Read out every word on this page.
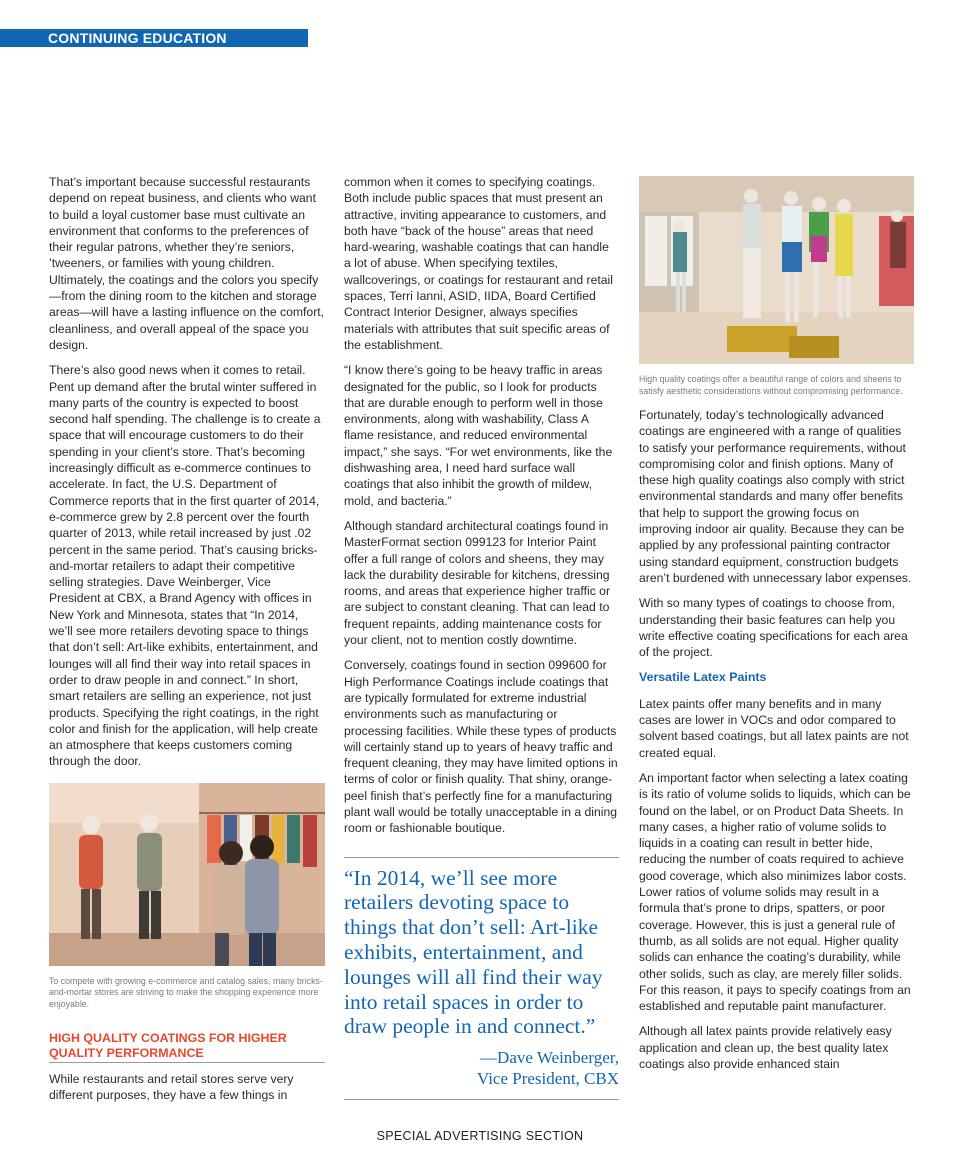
CONTINUING EDUCATION

That’s important because successful restaurants depend on repeat business, and clients who want to build a loyal customer base must cultivate an environment that conforms to the preferences of their regular patrons, whether they’re seniors, ’tweeners, or families with young children. Ultimately, the coatings and the colors you specify—from the dining room to the kitchen and storage areas—will have a lasting influence on the comfort, cleanliness, and overall appeal of the space you design.

There’s also good news when it comes to retail. Pent up demand after the brutal winter suffered in many parts of the country is expected to boost second half spending. The challenge is to create a space that will encourage customers to do their spending in your client’s store. That’s becoming increasingly difficult as e-commerce continues to accelerate. In fact, the U.S. Department of Commerce reports that in the first quarter of 2014, e-commerce grew by 2.8 percent over the fourth quarter of 2013, while retail increased by just .02 percent in the same period. That’s causing bricks-and-mortar retailers to adapt their competitive selling strategies. Dave Weinberger, Vice President at CBX, a Brand Agency with offices in New York and Minnesota, states that “In 2014, we’ll see more retailers devoting space to things that don’t sell: Art-like exhibits, entertainment, and lounges will all find their way into retail spaces in order to draw people in and connect.” In short, smart retailers are selling an experience, not just products. Specifying the right coatings, in the right color and finish for the application, will help create an atmosphere that keeps customers coming through the door.

To compete with growing e-commerce and catalog sales, many bricks-and-mortar stores are striving to make the shopping experience more enjoyable.
HIGH QUALITY COATINGS FOR HIGHER QUALITY PERFORMANCE

While restaurants and retail stores serve very different purposes, they have a few things in

common when it comes to specifying coatings. Both include public spaces that must present an attractive, inviting appearance to customers, and both have “back of the house” areas that need hard-wearing, washable coatings that can handle a lot of abuse. When specifying textiles, wallcoverings, or coatings for restaurant and retail spaces, Terri Ianni, ASID, IIDA, Board Certified Contract Interior Designer, always specifies materials with attributes that suit specific areas of the establishment.

“I know there’s going to be heavy traffic in areas designated for the public, so I look for products that are durable enough to perform well in those environments, along with washability, Class A flame resistance, and reduced environmental impact,” she says. “For wet environments, like the dishwashing area, I need hard surface wall coatings that also inhibit the growth of mildew, mold, and bacteria.”

Although standard architectural coatings found in MasterFormat section 099123 for Interior Paint offer a full range of colors and sheens, they may lack the durability desirable for kitchens, dressing rooms, and areas that experience higher traffic or are subject to constant cleaning. That can lead to frequent repaints, adding maintenance costs for your client, not to mention costly downtime.

Conversely, coatings found in section 099600 for High Performance Coatings include coatings that are typically formulated for extreme industrial environments such as manufacturing or processing facilities. While these types of products will certainly stand up to years of heavy traffic and frequent cleaning, they may have limited options in terms of color or finish quality. That shiny, orange-peel finish that’s perfectly fine for a manufacturing plant wall would be totally unacceptable in a dining room or fashionable boutique.

“In 2014, we’ll see more retailers devoting space to things that don’t sell: Art-like exhibits, entertainment, and lounges will all find their way into retail spaces in order to draw people in and connect.”

—Dave Weinberger,
Vice President, CBX
High quality coatings offer a beautiful range of colors and sheens to satisfy aesthetic considerations without compromising performance.

Fortunately, today’s technologically advanced coatings are engineered with a range of qualities to satisfy your performance requirements, without compromising color and finish options. Many of these high quality coatings also comply with strict environmental standards and many offer benefits that help to support the growing focus on improving indoor air quality. Because they can be applied by any professional painting contractor using standard equipment, construction budgets aren’t burdened with unnecessary labor expenses.

With so many types of coatings to choose from, understanding their basic features can help you write effective coating specifications for each area of the project.

Versatile Latex Paints

Latex paints offer many benefits and in many cases are lower in VOCs and odor compared to solvent based coatings, but all latex paints are not created equal.

An important factor when selecting a latex coating is its ratio of volume solids to liquids, which can be found on the label, or on Product Data Sheets. In many cases, a higher ratio of volume solids to liquids in a coating can result in better hide, reducing the number of coats required to achieve good coverage, which also minimizes labor costs. Lower ratios of volume solids may result in a formula that’s prone to drips, spatters, or poor coverage. However, this is just a general rule of thumb, as all solids are not equal. Higher quality solids can enhance the coating’s durability, while other solids, such as clay, are merely filler solids. For this reason, it pays to specify coatings from an established and reputable paint manufacturer.

Although all latex paints provide relatively easy application and clean up, the best quality latex coatings also provide enhanced stain

SPECIAL ADVERTISING SECTION
